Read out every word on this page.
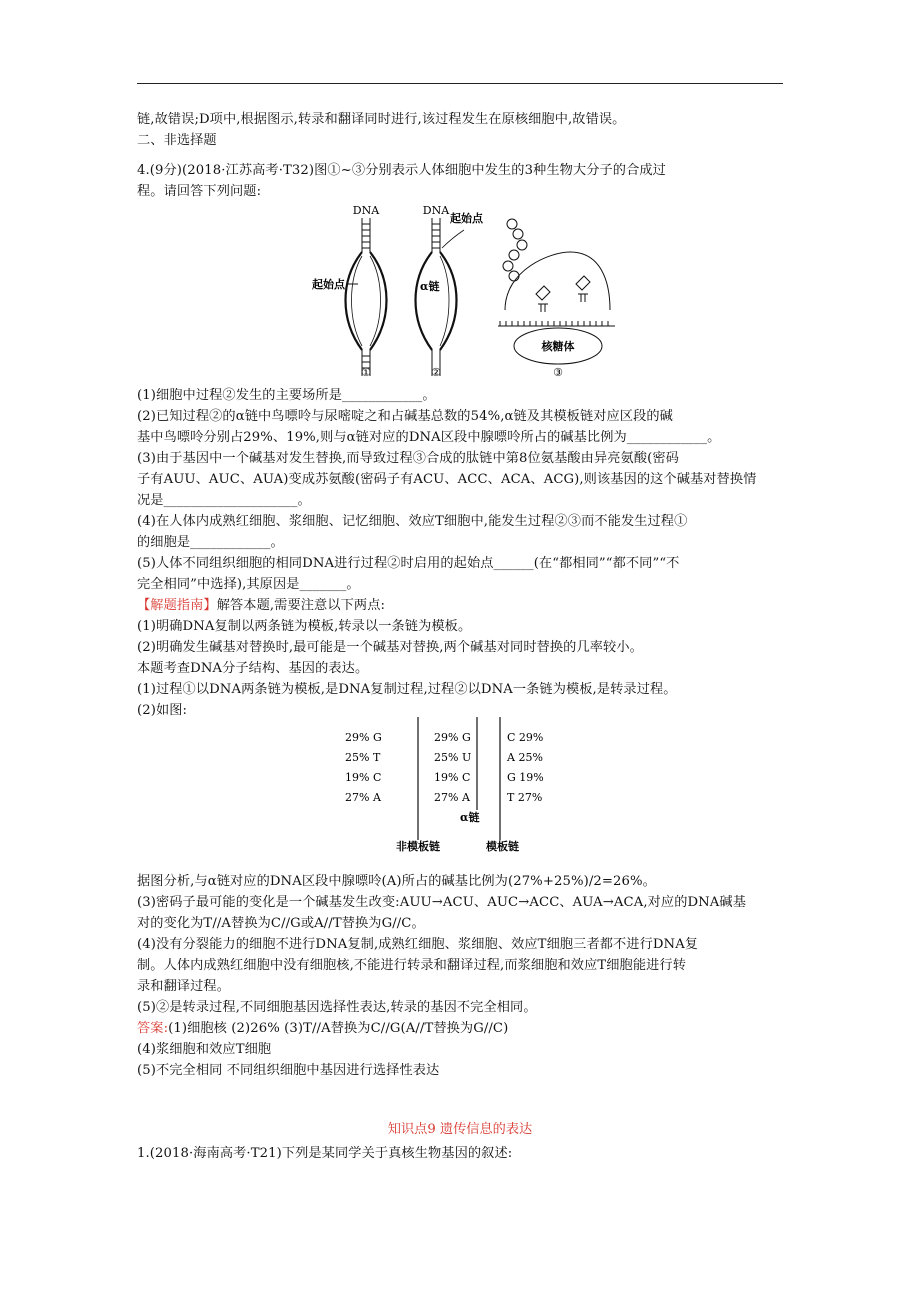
链,故错误;D项中,根据图示,转录和翻译同时进行,该过程发生在原核细胞中,故错误。
二、非选择题
4.(9分)(2018·江苏高考·T32)图①~③分别表示人体细胞中发生的3种生物大分子的合成过
程。请回答下列问题:
DNA
起始点
DNA
起始点
α链
核糖体
①	②	③
(1)细胞中过程②发生的主要场所是____________。
(2)已知过程②的α链中鸟嘌呤与尿嘧啶之和占碱基总数的54%,α链及其模板链对应区段的碱
基中鸟嘌呤分别占29%、19%,则与α链对应的DNA区段中腺嘌呤所占的碱基比例为____________。
(3)由于基因中一个碱基对发生替换,而导致过程③合成的肽链中第8位氨基酸由异亮氨酸(密码
子有AUU、AUC、AUA)变成苏氨酸(密码子有ACU、ACC、ACA、ACG),则该基因的这个碱基对替换情
况是____________________。
(4)在人体内成熟红细胞、浆细胞、记忆细胞、效应T细胞中,能发生过程②③而不能发生过程①
的细胞是____________。
(5)人体不同组织细胞的相同DNA进行过程②时启用的起始点______(在“都相同”“都不同”“不
完全相同”中选择),其原因是_______。
【解题指南】解答本题,需要注意以下两点:
(1)明确DNA复制以两条链为模板,转录以一条链为模板。
(2)明确发生碱基对替换时,最可能是一个碱基对替换,两个碱基对同时替换的几率较小。
本题考查DNA分子结构、基因的表达。
(1)过程①以DNA两条链为模板,是DNA复制过程,过程②以DNA一条链为模板,是转录过程。
(2)如图:
29% G
25% T
19% C
27% A
29% G
25% U
19% C
27% A
C 29%
A 25%
G 19%
T 27%
α链
非模板链	模板链
据图分析,与α链对应的DNA区段中腺嘌呤(A)所占的碱基比例为(27%+25%)/2=26%。
(3)密码子最可能的变化是一个碱基发生改变:AUU→ACU、AUC→ACC、AUA→ACA,对应的DNA碱基
对的变化为T//A替换为C//G或A//T替换为G//C。
(4)没有分裂能力的细胞不进行DNA复制,成熟红细胞、浆细胞、效应T细胞三者都不进行DNA复
制。人体内成熟红细胞中没有细胞核,不能进行转录和翻译过程,而浆细胞和效应T细胞能进行转
录和翻译过程。
(5)②是转录过程,不同细胞基因选择性表达,转录的基因不完全相同。
答案:(1)细胞核 (2)26% (3)T//A替换为C//G(A//T替换为G//C)
(4)浆细胞和效应T细胞
(5)不完全相同 不同组织细胞中基因进行选择性表达
知识点9 遗传信息的表达
1.(2018·海南高考·T21)下列是某同学关于真核生物基因的叙述:
